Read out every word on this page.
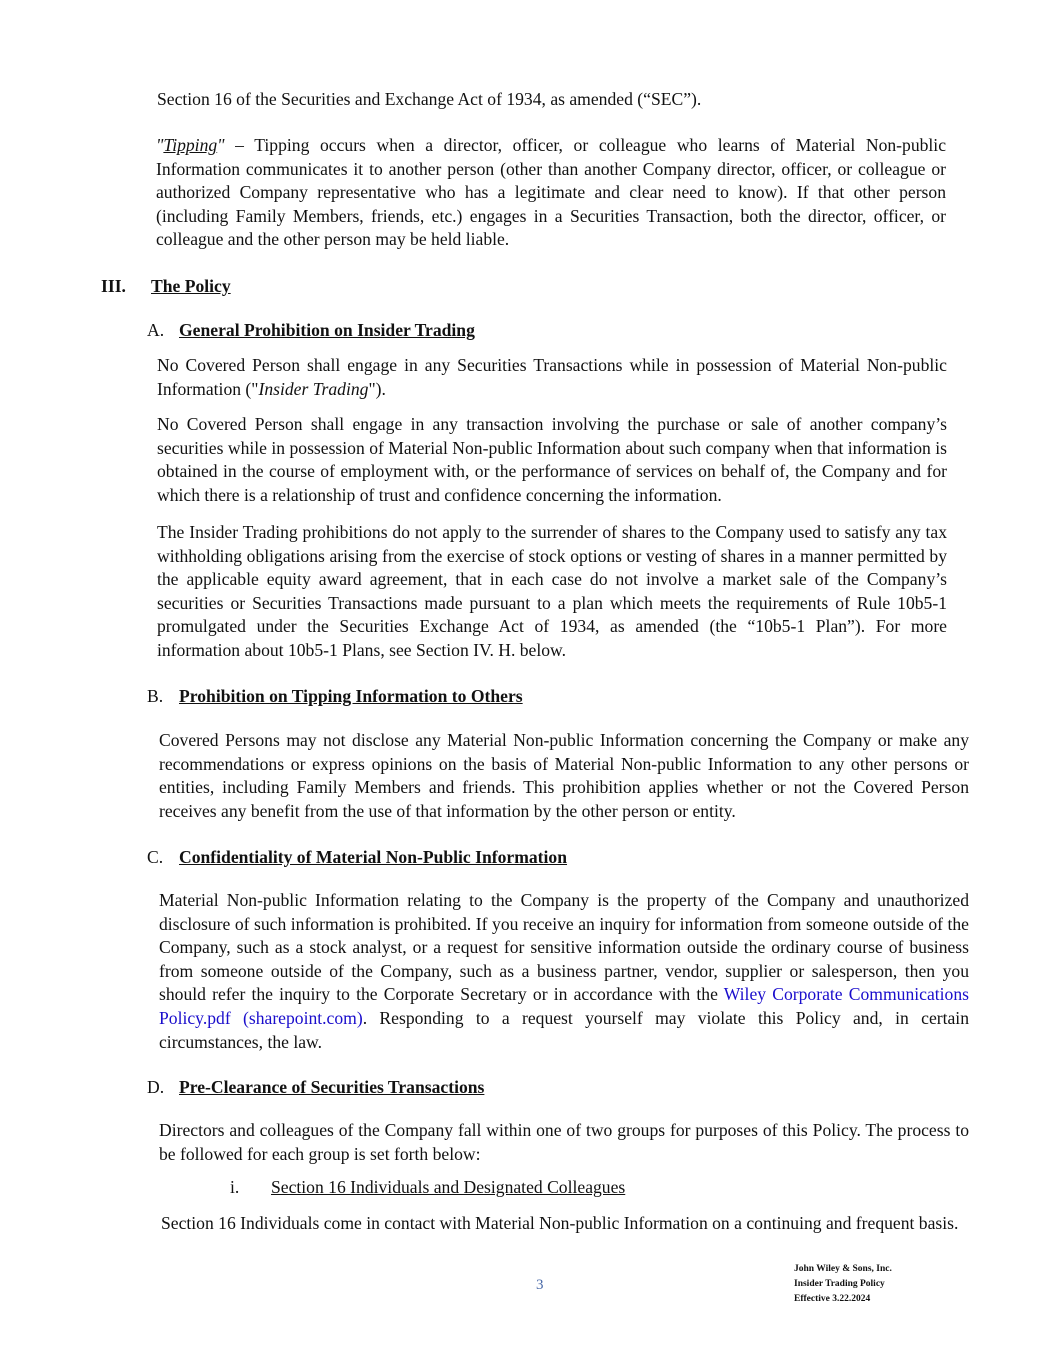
Section 16 of the Securities and Exchange Act of 1934, as amended (“SEC”).

"Tipping" – Tipping occurs when a director, officer, or colleague who learns of Material Non-public Information communicates it to another person (other than another Company director, officer, or colleague or authorized Company representative who has a legitimate and clear need to know). If that other person (including Family Members, friends, etc.) engages in a Securities Transaction, both the director, officer, or colleague and the other person may be held liable.

III. The Policy

A. General Prohibition on Insider Trading

No Covered Person shall engage in any Securities Transactions while in possession of Material Non-public Information ("Insider Trading").

No Covered Person shall engage in any transaction involving the purchase or sale of another company’s securities while in possession of Material Non-public Information about such company when that information is obtained in the course of employment with, or the performance of services on behalf of, the Company and for which there is a relationship of trust and confidence concerning the information.

The Insider Trading prohibitions do not apply to the surrender of shares to the Company used to satisfy any tax withholding obligations arising from the exercise of stock options or vesting of shares in a manner permitted by the applicable equity award agreement, that in each case do not involve a market sale of the Company’s securities or Securities Transactions made pursuant to a plan which meets the requirements of Rule 10b5-1 promulgated under the Securities Exchange Act of 1934, as amended (the “10b5-1 Plan”). For more information about 10b5-1 Plans, see Section IV. H. below.

B. Prohibition on Tipping Information to Others

Covered Persons may not disclose any Material Non-public Information concerning the Company or make any recommendations or express opinions on the basis of Material Non-public Information to any other persons or entities, including Family Members and friends. This prohibition applies whether or not the Covered Person receives any benefit from the use of that information by the other person or entity.

C. Confidentiality of Material Non-Public Information

Material Non-public Information relating to the Company is the property of the Company and unauthorized disclosure of such information is prohibited. If you receive an inquiry for information from someone outside of the Company, such as a stock analyst, or a request for sensitive information outside the ordinary course of business from someone outside of the Company, such as a business partner, vendor, supplier or salesperson, then you should refer the inquiry to the Corporate Secretary or in accordance with the Wiley Corporate Communications Policy.pdf (sharepoint.com). Responding to a request yourself may violate this Policy and, in certain circumstances, the law.

D. Pre-Clearance of Securities Transactions

Directors and colleagues of the Company fall within one of two groups for purposes of this Policy. The process to be followed for each group is set forth below:

i. Section 16 Individuals and Designated Colleagues

Section 16 Individuals come in contact with Material Non-public Information on a continuing and frequent basis.

3
John Wiley & Sons, Inc.
Insider Trading Policy
Effective 3.22.2024
